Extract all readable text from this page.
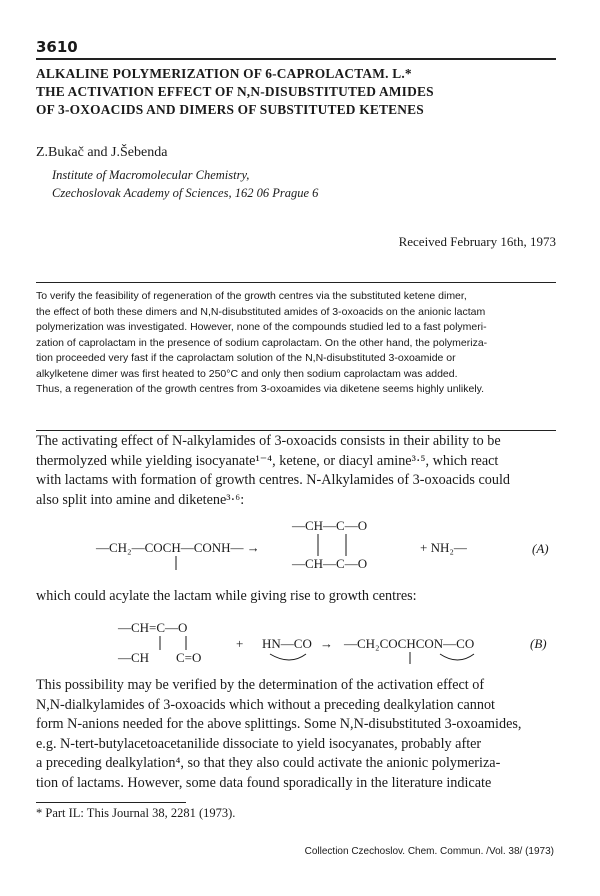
3610
ALKALINE POLYMERIZATION OF 6-CAPROLACTAM. L.*
THE ACTIVATION EFFECT OF N,N-DISUBSTITUTED AMIDES
OF 3-OXOACIDS AND DIMERS OF SUBSTITUTED KETENES
Z.Bukač and J.Šebenda
Institute of Macromolecular Chemistry,
Czechoslovak Academy of Sciences, 162 06 Prague 6
Received February 16th, 1973
To verify the feasibility of regeneration of the growth centres via the substituted ketene dimer,
the effect of both these dimers and N,N-disubstituted amides of 3-oxoacids on the anionic lactam
polymerization was investigated. However, none of the compounds studied led to a fast polymeri-
zation of caprolactam in the presence of sodium caprolactam. On the other hand, the polymeriza-
tion proceeded very fast if the caprolactam solution of the N,N-disubstituted 3-oxoamide or
alkylketene dimer was first heated to 250°C and only then sodium caprolactam was added.
Thus, a regeneration of the growth centres from 3-oxoamides via diketene seems highly unlikely.
The activating effect of N-alkylamides of 3-oxoacids consists in their ability to be
thermolyzed while yielding isocyanate¹⁻⁴, ketene, or diacyl amine³·⁵, which react
with lactams with formation of growth centres. N-Alkylamides of 3-oxoacids could
also split into amine and diketene³·⁶:
—CH₂—COCH—CONH— →
—CH—C—O
—CH—C—O
+ NH₂—	(A)
which could acylate the lactam while giving rise to growth centres:
—CH=C—O
—CH C=O
+ HN—CO → —CH₂COCHCON—CO	(B)
This possibility may be verified by the determination of the activation effect of
N,N-dialkylamides of 3-oxoacids which without a preceding dealkylation cannot
form N-anions needed for the above splittings. Some N,N-disubstituted 3-oxoamides,
e.g. N-tert-butylacetoacetanilide dissociate to yield isocyanates, probably after
a preceding dealkylation⁴, so that they also could activate the anionic polymeriza-
tion of lactams. However, some data found sporadically in the literature indicate
* Part IL: This Journal 38, 2281 (1973).
Collection Czechoslov. Chem. Commun. /Vol. 38/ (1973)
